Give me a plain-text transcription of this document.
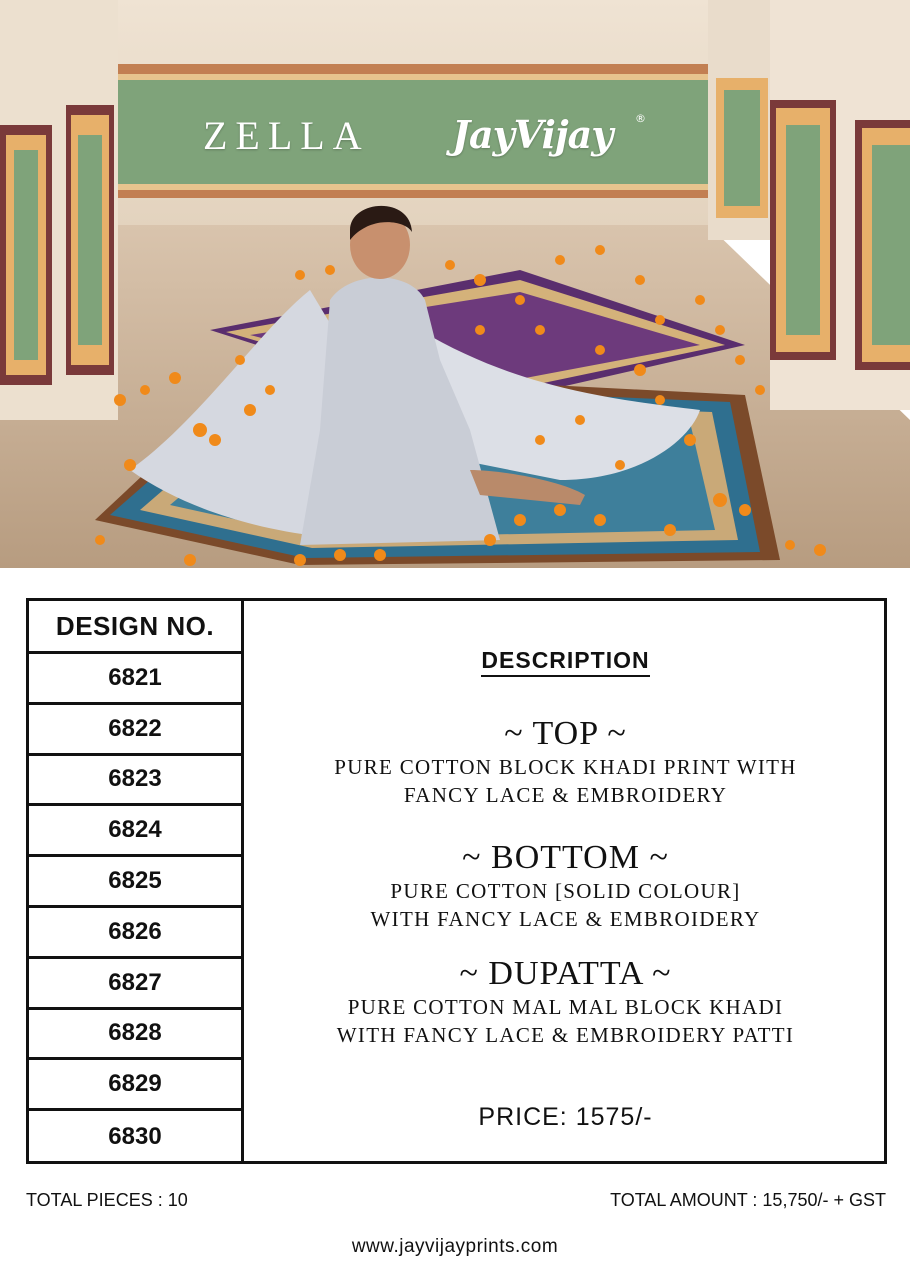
ZELLA JayVijay ®
DESIGN NO.
6821
6822
6823
6824
6825
6826
6827
6828
6829
6830
DESCRIPTION
~ TOP ~
PURE COTTON BLOCK KHADI PRINT WITH
FANCY LACE & EMBROIDERY
~ BOTTOM ~
PURE COTTON [SOLID COLOUR]
WITH FANCY LACE & EMBROIDERY
~ DUPATTA ~
PURE COTTON MAL MAL BLOCK KHADI
WITH FANCY LACE & EMBROIDERY PATTI
PRICE: 1575/-
TOTAL PIECES : 10	TOTAL AMOUNT : 15,750/- + GST
www.jayvijayprints.com
